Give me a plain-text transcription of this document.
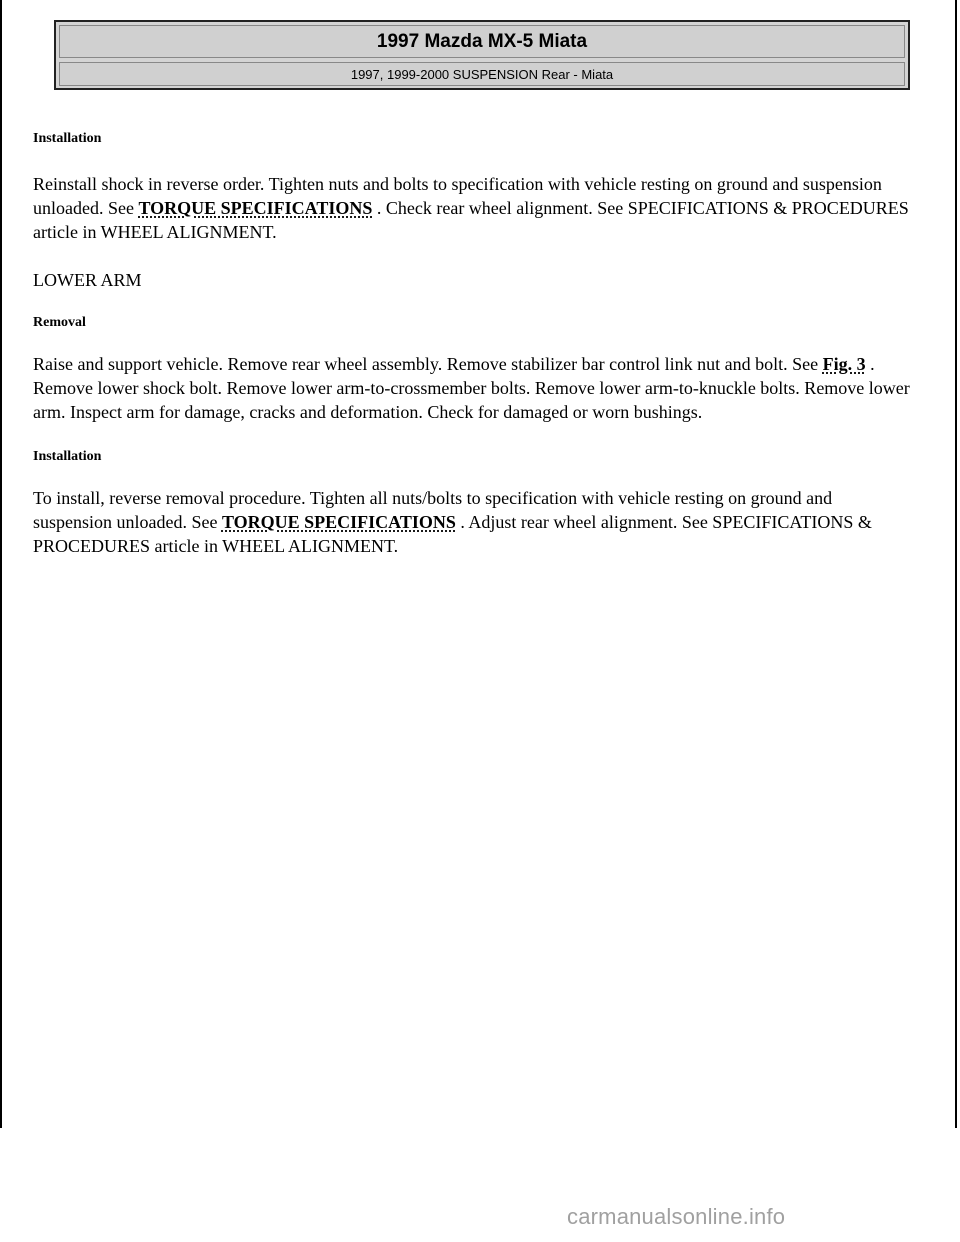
1997 Mazda MX-5 Miata
1997, 1999-2000 SUSPENSION Rear - Miata

Installation

Reinstall shock in reverse order. Tighten nuts and bolts to specification with vehicle resting on ground and suspension unloaded. See TORQUE SPECIFICATIONS . Check rear wheel alignment. See SPECIFICATIONS & PROCEDURES article in WHEEL ALIGNMENT.

LOWER ARM

Removal

Raise and support vehicle. Remove rear wheel assembly. Remove stabilizer bar control link nut and bolt. See Fig. 3 . Remove lower shock bolt. Remove lower arm-to-crossmember bolts. Remove lower arm-to-knuckle bolts. Remove lower arm. Inspect arm for damage, cracks and deformation. Check for damaged or worn bushings.

Installation

To install, reverse removal procedure. Tighten all nuts/bolts to specification with vehicle resting on ground and suspension unloaded. See TORQUE SPECIFICATIONS . Adjust rear wheel alignment. See SPECIFICATIONS & PROCEDURES article in WHEEL ALIGNMENT.

carmanualsonline.info
